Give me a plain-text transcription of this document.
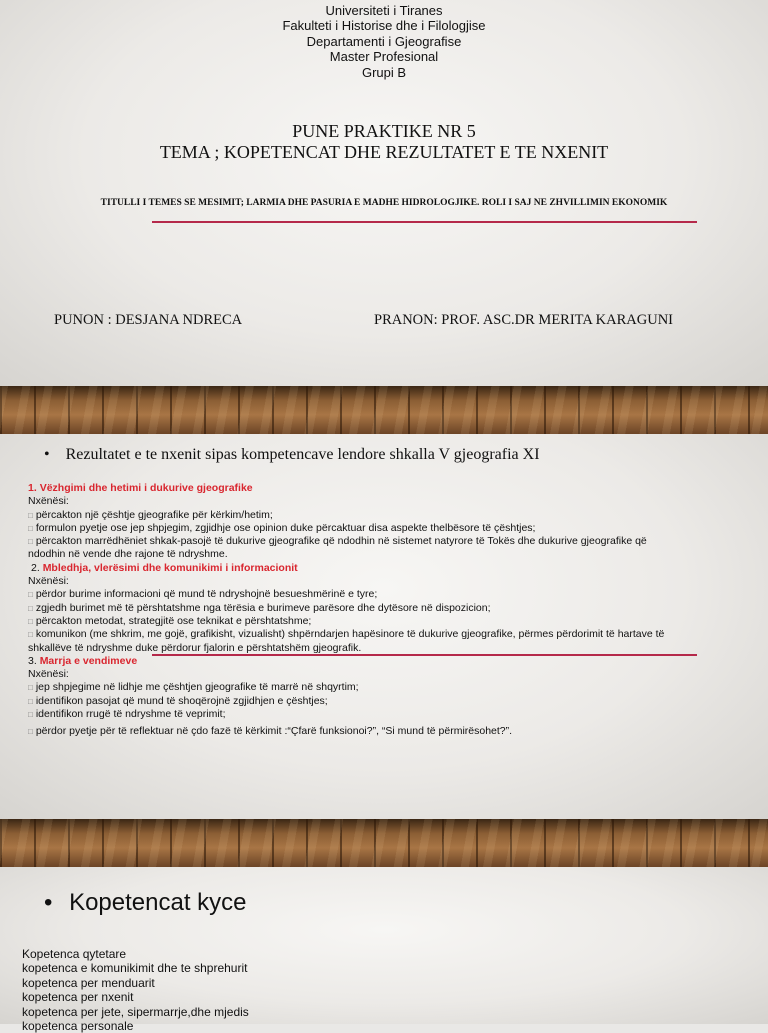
Universiteti i Tiranes
Fakulteti i Historise dhe i Filologjise
Departamenti i Gjeografise
Master Profesional
Grupi B
PUNE PRAKTIKE NR 5
TEMA ; KOPETENCAT DHE REZULTATET E TE NXENIT
TITULLI I TEMES SE MESIMIT; LARMIA DHE PASURIA E MADHE HIDROLOGJIKE. ROLI I SAJ NE ZHVILLIMIN EKONOMIK
PUNON : DESJANA NDRECA	PRANON: PROF. ASC.DR MERITA KARAGUNI
• Rezultatet e te nxenit sipas kompetencave lendore shkalla V gjeografia XI
1. Vëzhgimi dhe hetimi i dukurive gjeografike
Nxënësi:
□ përcakton një çështje gjeografike për kërkim/hetim;
□ formulon pyetje ose jep shpjegim, zgjidhje ose opinion duke përcaktuar disa aspekte thelbësore të çështjes;
□ përcakton marrëdhëniet shkak-pasojë të dukurive gjeografike që ndodhin në sistemet natyrore të Tokës dhe dukurive gjeografike që ndodhin në vende dhe rajone të ndryshme.
2. Mbledhja, vlerësimi dhe komunikimi i informacionit
Nxënësi:
□ përdor burime informacioni që mund të ndryshojnë besueshmërinë e tyre;
□ zgjedh burimet më të përshtatshme nga tërësia e burimeve parësore dhe dytësore në dispozicion;
□ përcakton metodat, strategjitë ose teknikat e përshtatshme;
□ komunikon (me shkrim, me gojë, grafikisht, vizualisht) shpërndarjen hapësinore të dukurive gjeografike, përmes përdorimit të hartave të shkallëve të ndryshme duke përdorur fjalorin e përshtatshëm gjeografik.
3. Marrja e vendimeve
Nxënësi:
□ jep shpjegime në lidhje me çështjen gjeografike të marrë në shqyrtim;
□ identifikon pasojat që mund të shoqërojnë zgjidhjen e çështjes;
□ identifikon rrugë të ndryshme të veprimit;
□ përdor pyetje për të reflektuar në çdo fazë të kërkimit :“Çfarë funksionoi?”, “Si mund të përmirësohet?”.
• Kopetencat kyce
Kopetenca qytetare
kopetenca e komunikimit dhe te shprehurit
kopetenca per menduarit
kopetenca per nxenit
kopetenca per jete, sipermarrje,dhe mjedis
kopetenca personale
